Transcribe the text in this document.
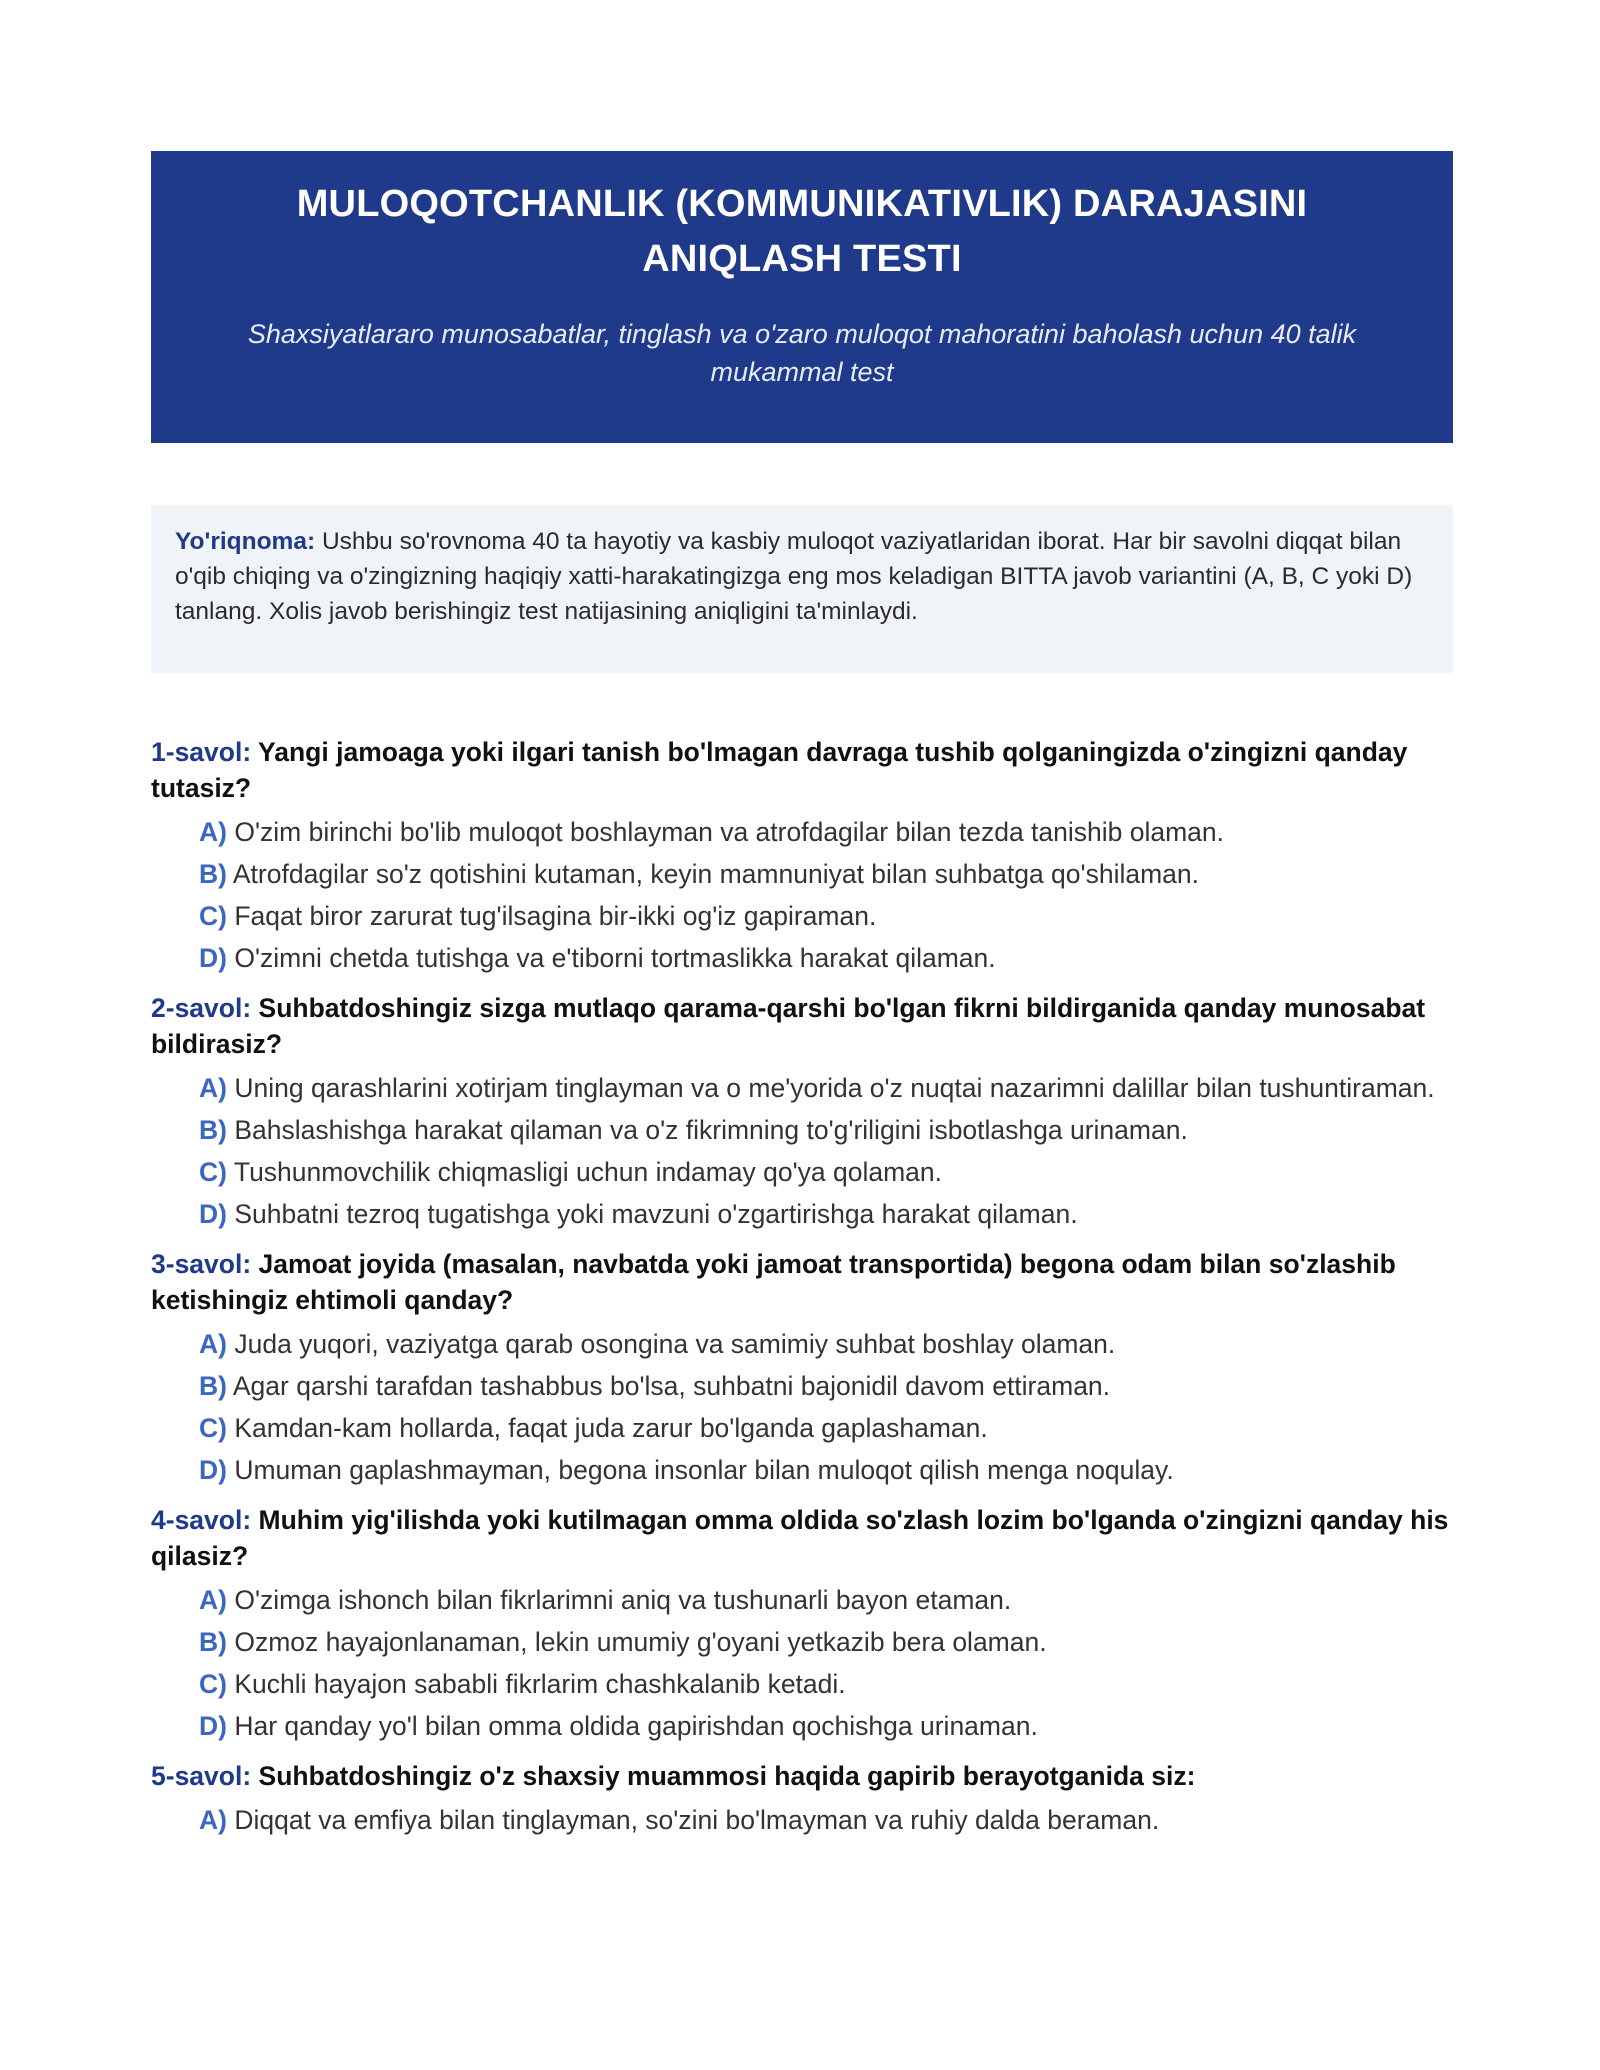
MULOQOTCHANLIK (KOMMUNIKATIVLIK) DARAJASINI
ANIQLASH TESTI

Shaxsiyatlararo munosabatlar, tinglash va o'zaro muloqot mahoratini baholash uchun 40 talik
mukammal test

Yo'riqnoma: Ushbu so'rovnoma 40 ta hayotiy va kasbiy muloqot vaziyatlaridan iborat. Har bir savolni diqqat bilan o'qib chiqing va o'zingizning haqiqiy xatti-harakatingizga eng mos keladigan BITTA javob variantini (A, B, C yoki D) tanlang. Xolis javob berishingiz test natijasining aniqligini ta'minlaydi.
1-savol: Yangi jamoaga yoki ilgari tanish bo'lmagan davraga tushib qolganingizda o'zingizni qanday tutasiz?
A) O'zim birinchi bo'lib muloqot boshlayman va atrofdagilar bilan tezda tanishib olaman.
B) Atrofdagilar so'z qotishini kutaman, keyin mamnuniyat bilan suhbatga qo'shilaman.
C) Faqat biror zarurat tug'ilsagina bir-ikki og'iz gapiraman.
D) O'zimni chetda tutishga va e'tiborni tortmaslikka harakat qilaman.
2-savol: Suhbatdoshingiz sizga mutlaqo qarama-qarshi bo'lgan fikrni bildirganida qanday munosabat bildirasiz?
A) Uning qarashlarini xotirjam tinglayman va o me'yorida o'z nuqtai nazarimni dalillar bilan tushuntiraman.
B) Bahslashishga harakat qilaman va o'z fikrimning to'g'riligini isbotlashga urinaman.
C) Tushunmovchilik chiqmasligi uchun indamay qo'ya qolaman.
D) Suhbatni tezroq tugatishga yoki mavzuni o'zgartirishga harakat qilaman.
3-savol: Jamoat joyida (masalan, navbatda yoki jamoat transportida) begona odam bilan so'zlashib ketishingiz ehtimoli qanday?
A) Juda yuqori, vaziyatga qarab osongina va samimiy suhbat boshlay olaman.
B) Agar qarshi tarafdan tashabbus bo'lsa, suhbatni bajonidil davom ettiraman.
C) Kamdan-kam hollarda, faqat juda zarur bo'lganda gaplashaman.
D) Umuman gaplashmayman, begona insonlar bilan muloqot qilish menga noqulay.
4-savol: Muhim yig'ilishda yoki kutilmagan omma oldida so'zlash lozim bo'lganda o'zingizni qanday his qilasiz?
A) O'zimga ishonch bilan fikrlarimni aniq va tushunarli bayon etaman.
B) Ozmoz hayajonlanaman, lekin umumiy g'oyani yetkazib bera olaman.
C) Kuchli hayajon sababli fikrlarim chashkalanib ketadi.
D) Har qanday yo'l bilan omma oldida gapirishdan qochishga urinaman.
5-savol: Suhbatdoshingiz o'z shaxsiy muammosi haqida gapirib berayotganida siz:
A) Diqqat va emfiya bilan tinglayman, so'zini bo'lmayman va ruhiy dalda beraman.
